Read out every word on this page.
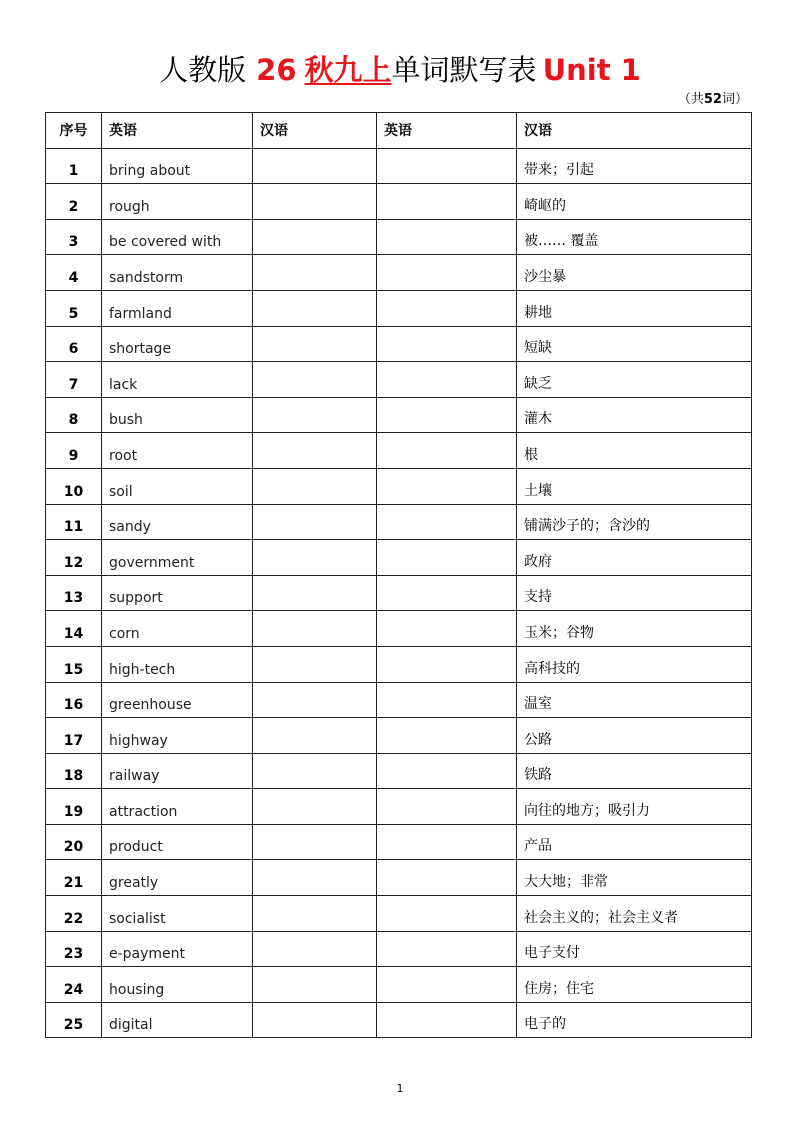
人教版 26 秋九上单词默写表 Unit 1
（共52词）
序号	英语	汉语	英语	汉语
1	bring about			带来；引起
2	rough			崎岖的
3	be covered with			被…… 覆盖
4	sandstorm			沙尘暴
5	farmland			耕地
6	shortage			短缺
7	lack			缺乏
8	bush			灌木
9	root			根
10	soil			土壤
11	sandy			铺满沙子的；含沙的
12	government			政府
13	support			支持
14	corn			玉米；谷物
15	high-tech			高科技的
16	greenhouse			温室
17	highway			公路
18	railway			铁路
19	attraction			向往的地方；吸引力
20	product			产品
21	greatly			大大地；非常
22	socialist			社会主义的；社会主义者
23	e-payment			电子支付
24	housing			住房；住宅
25	digital			电子的
1
